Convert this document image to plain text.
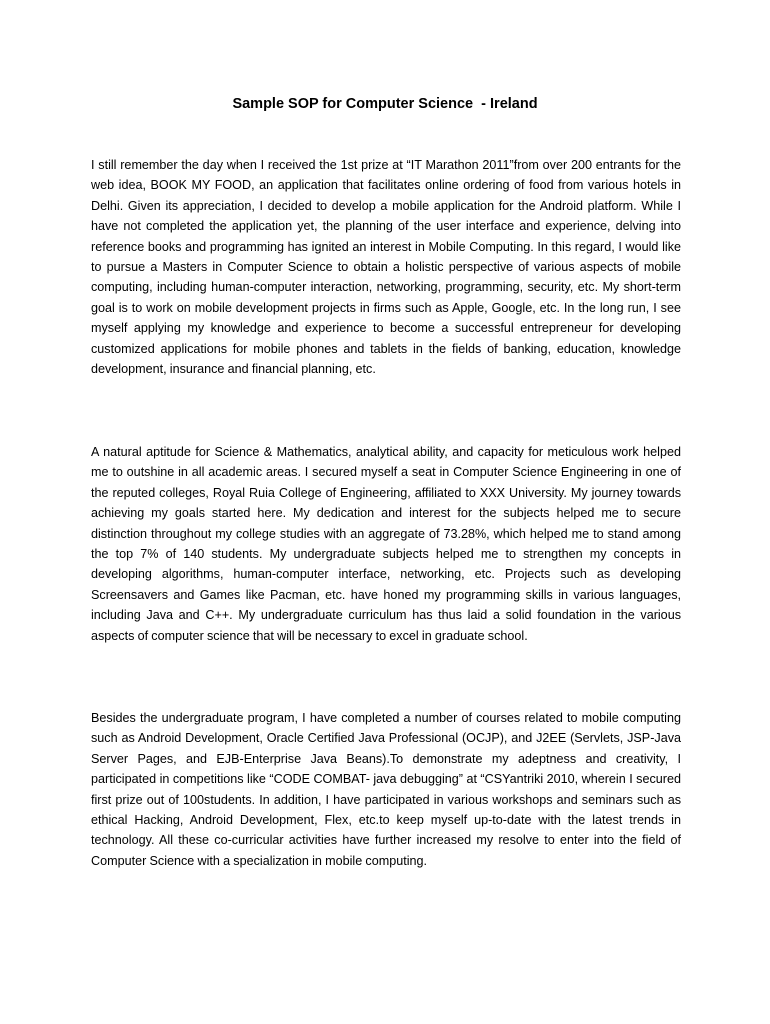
Sample SOP for Computer Science  - Ireland

I still remember the day when I received the 1st prize at “IT Marathon 2011”from over 200 entrants for the web idea, BOOK MY FOOD, an application that facilitates online ordering of food from various hotels in Delhi. Given its appreciation, I decided to develop a mobile application for the Android platform. While I have not completed the application yet, the planning of the user interface and experience, delving into reference books and programming has ignited an interest in Mobile Computing. In this regard, I would like to pursue a Masters in Computer Science to obtain a holistic perspective of various aspects of mobile computing, including human-computer interaction, networking, programming, security, etc. My short-term goal is to work on mobile development projects in firms such as Apple, Google, etc. In the long run, I see myself applying my knowledge and experience to become a successful entrepreneur for developing customized applications for mobile phones and tablets in the fields of banking, education, knowledge development, insurance and financial planning, etc.

A natural aptitude for Science & Mathematics, analytical ability, and capacity for meticulous work helped me to outshine in all academic areas. I secured myself a seat in Computer Science Engineering in one of the reputed colleges, Royal Ruia College of Engineering, affiliated to XXX University. My journey towards achieving my goals started here. My dedication and interest for the subjects helped me to secure distinction throughout my college studies with an aggregate of 73.28%, which helped me to stand among the top 7% of 140 students. My undergraduate subjects helped me to strengthen my concepts in developing algorithms, human-computer interface, networking, etc. Projects such as developing Screensavers and Games like Pacman, etc. have honed my programming skills in various languages, including Java and C++. My undergraduate curriculum has thus laid a solid foundation in the various aspects of computer science that will be necessary to excel in graduate school.

Besides the undergraduate program, I have completed a number of courses related to mobile computing such as Android Development, Oracle Certified Java Professional (OCJP), and J2EE (Servlets, JSP-Java Server Pages, and EJB-Enterprise Java Beans).To demonstrate my adeptness and creativity, I participated in competitions like “CODE COMBAT- java debugging” at “CSYantriki 2010, wherein I secured first prize out of 100students. In addition, I have participated in various workshops and seminars such as ethical Hacking, Android Development, Flex, etc.to keep myself up-to-date with the latest trends in technology. All these co-curricular activities have further increased my resolve to enter into the field of Computer Science with a specialization in mobile computing.
